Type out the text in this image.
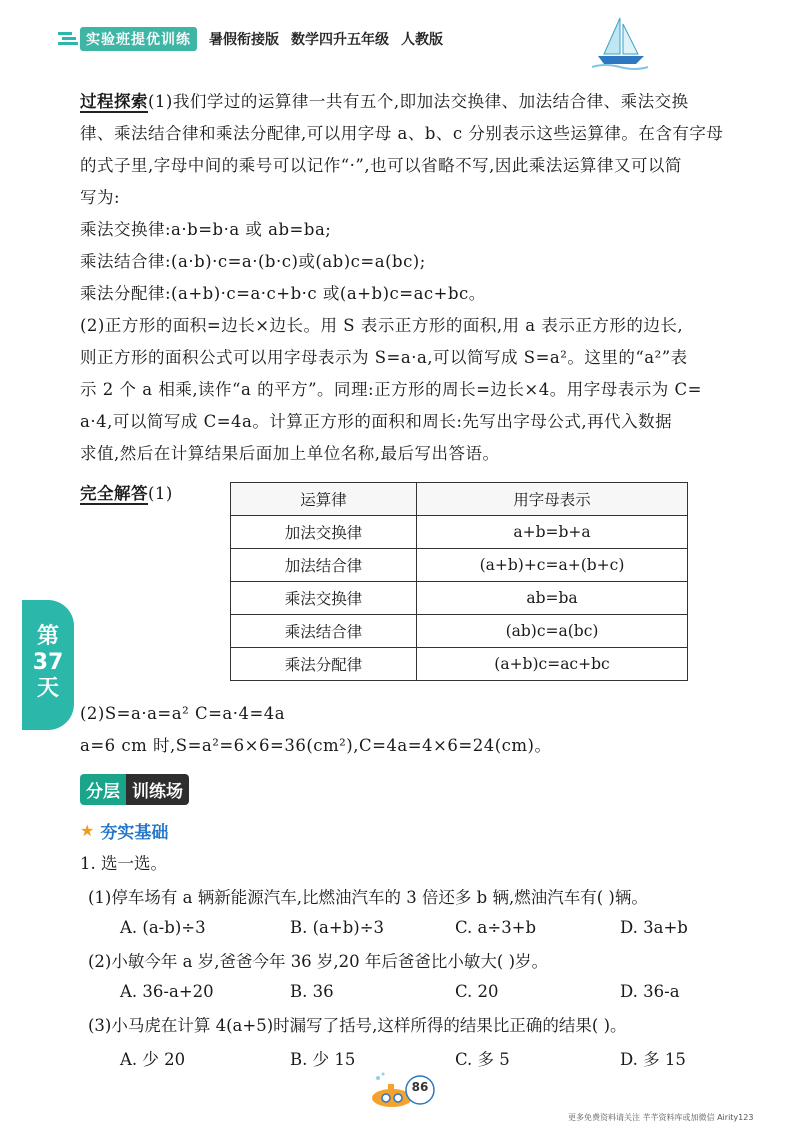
实验班提优训练	暑假衔接版 数学四升五年级 人教版
第
37
天
过程探索(1)我们学过的运算律一共有五个,即加法交换律、加法结合律、乘法交换
律、乘法结合律和乘法分配律,可以用字母 a、b、c 分别表示这些运算律。在含有字母
的式子里,字母中间的乘号可以记作“·”,也可以省略不写,因此乘法运算律又可以简
写为:
乘法交换律:a·b=b·a 或 ab=ba;
乘法结合律:(a·b)·c=a·(b·c)或(ab)c=a(bc);
乘法分配律:(a+b)·c=a·c+b·c 或(a+b)c=ac+bc。
(2)正方形的面积=边长×边长。用 S 表示正方形的面积,用 a 表示正方形的边长,
则正方形的面积公式可以用字母表示为 S=a·a,可以简写成 S=a²。这里的“a²”表
示 2 个 a 相乘,读作“a 的平方”。同理:正方形的周长=边长×4。用字母表示为 C=
a·4,可以简写成 C=4a。计算正方形的面积和周长:先写出字母公式,再代入数据
求值,然后在计算结果后面加上单位名称,最后写出答语。
完全解答(1)	运算律	用字母表示
加法交换律	a+b=b+a
加法结合律	(a+b)+c=a+(b+c)
乘法交换律	ab=ba
乘法结合律	(ab)c=a(bc)
乘法分配律	(a+b)c=ac+bc
(2)S=a·a=a² C=a·4=4a
a=6 cm 时,S=a²=6×6=36(cm²),C=4a=4×6=24(cm)。
分层 训练场
★ 夯实基础
1. 选一选。
(1)停车场有 a 辆新能源汽车,比燃油汽车的 3 倍还多 b 辆,燃油汽车有( )辆。
A. (a-b)÷3	B. (a+b)÷3	C. a÷3+b	D. 3a+b
(2)小敏今年 a 岁,爸爸今年 36 岁,20 年后爸爸比小敏大( )岁。
A. 36-a+20	B. 36	C. 20	D. 36-a
(3)小马虎在计算 4(a+5)时漏写了括号,这样所得的结果比正确的结果( )。
A. 少 20	B. 少 15	C. 多 5	D. 多 15
86
更多免费资料请关注 芊芊资料库或加微信 Airity123
